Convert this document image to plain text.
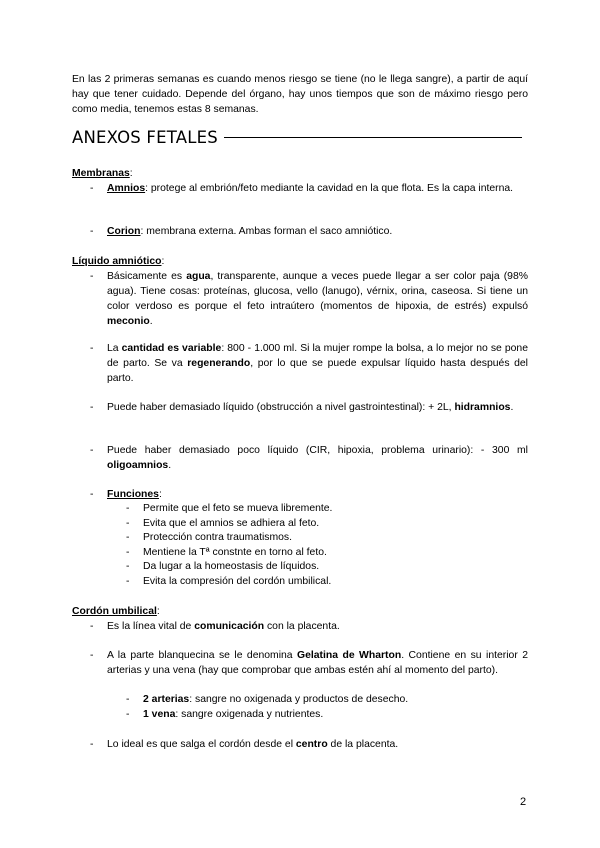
En las 2 primeras semanas es cuando menos riesgo se tiene (no le llega sangre), a partir de aquí hay que tener cuidado. Depende del órgano, hay unos tiempos que son de máximo riesgo pero como media, tenemos estas 8 semanas.

ANEXOS FETALES

Membranas:

- Amnios: protege al embrión/feto mediante la cavidad en la que flota. Es la capa interna.

- Corion: membrana externa. Ambas forman el saco amniótico.

Líquido amniótico:

- Básicamente es agua, transparente, aunque a veces puede llegar a ser color paja (98% agua). Tiene cosas: proteínas, glucosa, vello (lanugo), vérnix, orina, caseosa. Si tiene un color verdoso es porque el feto intraútero (momentos de hipoxia, de estrés) expulsó meconio.

- La cantidad es variable: 800 - 1.000 ml. Si la mujer rompe la bolsa, a lo mejor no se pone de parto. Se va regenerando, por lo que se puede expulsar líquido hasta después del parto.

- Puede haber demasiado líquido (obstrucción a nivel gastrointestinal): + 2L, hidramnios.

- Puede haber demasiado poco líquido (CIR, hipoxia, problema urinario): - 300 ml oligoamnios.

- Funciones:

- Permite que el feto se mueva libremente.

- Evita que el amnios se adhiera al feto.

- Protección contra traumatismos.

- Mentiene la Tª constnte en torno al feto.

- Da lugar a la homeostasis de líquidos.

- Evita la compresión del cordón umbilical.

Cordón umbilical:

- Es la línea vital de comunicación con la placenta.

- A la parte blanquecina se le denomina Gelatina de Wharton. Contiene en su interior 2 arterias y una vena (hay que comprobar que ambas estén ahí al momento del parto).

- 2 arterias: sangre no oxigenada y productos de desecho.

- 1 vena: sangre oxigenada y nutrientes.

- Lo ideal es que salga el cordón desde el centro de la placenta.

2
